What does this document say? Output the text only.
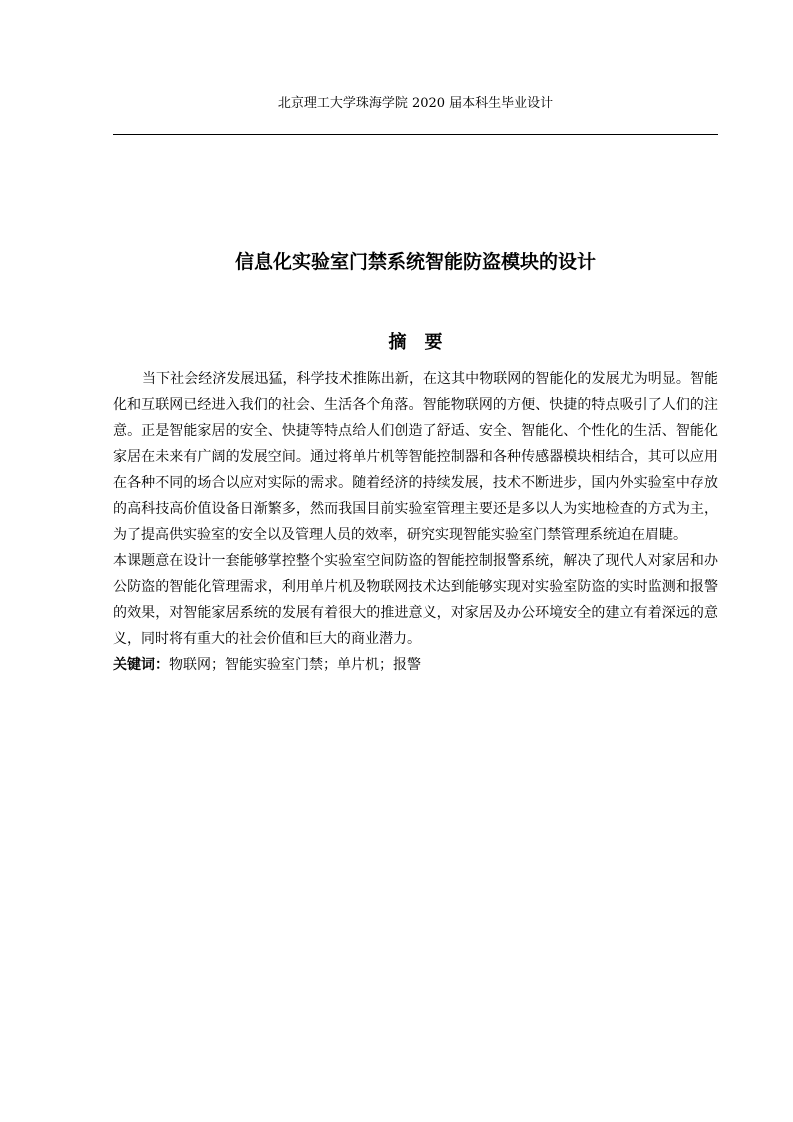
北京理工大学珠海学院 2020 届本科生毕业设计
信息化实验室门禁系统智能防盗模块的设计
摘要

当下社会经济发展迅猛，科学技术推陈出新，在这其中物联网的智能化的发展尤为明显。智能化和互联网已经进入我们的社会、生活各个角落。智能物联网的方便、快捷的特点吸引了人们的注意。正是智能家居的安全、快捷等特点给人们创造了舒适、安全、智能化、个性化的生活、智能化家居在未来有广阔的发展空间。通过将单片机等智能控制器和各种传感器模块相结合，其可以应用在各种不同的场合以应对实际的需求。随着经济的持续发展，技术不断进步，国内外实验室中存放的高科技高价值设备日渐繁多，然而我国目前实验室管理主要还是多以人为实地检查的方式为主，为了提高供实验室的安全以及管理人员的效率，研究实现智能实验室门禁管理系统迫在眉睫。

本课题意在设计一套能够掌控整个实验室空间防盗的智能控制报警系统，解决了现代人对家居和办公防盗的智能化管理需求，利用单片机及物联网技术达到能够实现对实验室防盗的实时监测和报警的效果，对智能家居系统的发展有着很大的推进意义，对家居及办公环境安全的建立有着深远的意义，同时将有重大的社会价值和巨大的商业潜力。

关键词：物联网；智能实验室门禁；单片机；报警
